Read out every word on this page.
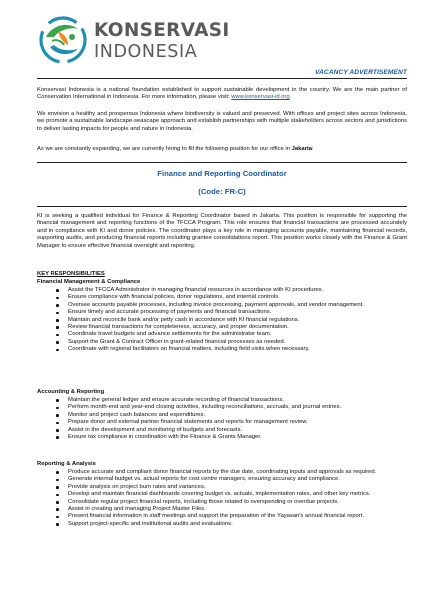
KONSERVASI
INDONESIA
VACANCY ADVERTISEMENT

Konservasi Indonesia is a national foundation established to support sustainable development in the country. We are the main partner of Conservation International in Indonesia. For more information, please visit: www.konservasi-id.org

We envision a healthy and prosperous Indonesia where biodiversity is valued and preserved. With offices and project sites across Indonesia, we promote a sustainable landscape-seascape approach and establish partnerships with multiple stakeholders across sectors and jurisdictions to deliver lasting impacts for people and nature in Indonesia.

As we are constantly expanding, we are currently hiring to fill the following position for our office in Jakarta:

Finance and Reporting Coordinator
(Code: FR-C)

KI is seeking a qualified individual for Finance & Reporting Coordinator based in Jakarta. This position is responsible for supporting the financial management and reporting functions of the TFCCA Program. This role ensures that financial transactions are processed accurately and in compliance with KI and donor policies. The coordinator plays a key role in managing accounts payable, maintaining financial records, supporting audits, and producing financial reports including grantee consolidations report. This position works closely with the Finance & Grant Manager to ensure effective financial oversight and reporting.

KEY RESPONSIBILITIES
Financial Management & Compliance
Assist the TFCCA Administrator in managing financial resources in accordance with KI procedures.
Ensure compliance with financial policies, donor regulations, and internal controls.
Oversee accounts payable processes, including invoice processing, payment approvals, and vendor management.
Ensure timely and accurate processing of payments and financial transactions.
Maintain and reconcile bank and/or petty cash in accordance with KI financial regulations.
Review financial transactions for completeness, accuracy, and proper documentation.
Coordinate travel budgets and advance settlements for the administrator team.
Support the Grant & Contract Officer in grant-related financial processes as needed.
Coordinate with regional facilitators on financial matters, including field visits when necessary.
Accounting & Reporting
Maintain the general ledger and ensure accurate recording of financial transactions.
Perform month-end and year-end closing activities, including reconciliations, accruals, and journal entries.
Monitor and project cash balances and expenditures.
Prepare donor and external partner financial statements and reports for management review.
Assist in the development and monitoring of budgets and forecasts.
Ensure tax compliance in coordination with the Finance & Grants Manager.
Reporting & Analysis
Produce accurate and compliant donor financial reports by the due date, coordinating inputs and approvals as required.
Generate internal budget vs. actual reports for cost centre managers, ensuring accuracy and compliance.
Provide analysis on project burn rates and variances.
Develop and maintain financial dashboards covering budget vs. actuals, implementation rates, and other key metrics.
Consolidate regular project financial reports, including those related to overspending or overdue projects.
Assist in creating and managing Project Master Files.
Present financial information in staff meetings and support the preparation of the Yayasan's annual financial report.
Support project-specific and institutional audits and evaluations.
